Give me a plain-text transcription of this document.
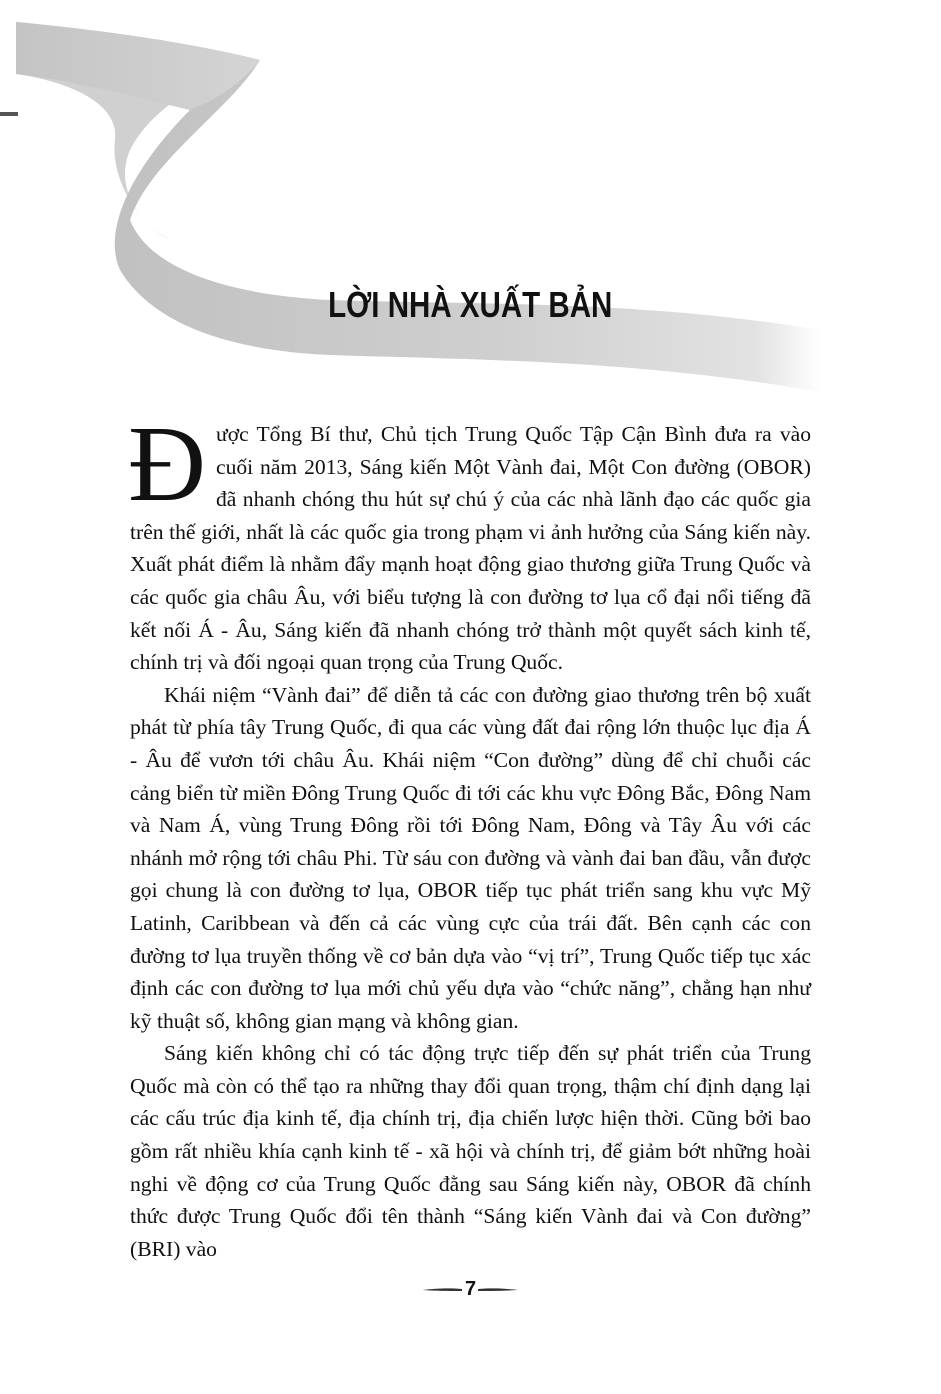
LỜI NHÀ XUẤT BẢN

Được Tổng Bí thư, Chủ tịch Trung Quốc Tập Cận Bình đưa ra vào cuối năm 2013, Sáng kiến Một Vành đai, Một Con đường (OBOR) đã nhanh chóng thu hút sự chú ý của các nhà lãnh đạo các quốc gia trên thế giới, nhất là các quốc gia trong phạm vi ảnh hưởng của Sáng kiến này. Xuất phát điểm là nhằm đẩy mạnh hoạt động giao thương giữa Trung Quốc và các quốc gia châu Âu, với biểu tượng là con đường tơ lụa cổ đại nổi tiếng đã kết nối Á - Âu, Sáng kiến đã nhanh chóng trở thành một quyết sách kinh tế, chính trị và đối ngoại quan trọng của Trung Quốc.

Khái niệm “Vành đai” để diễn tả các con đường giao thương trên bộ xuất phát từ phía tây Trung Quốc, đi qua các vùng đất đai rộng lớn thuộc lục địa Á - Âu để vươn tới châu Âu. Khái niệm “Con đường” dùng để chỉ chuỗi các cảng biển từ miền Đông Trung Quốc đi tới các khu vực Đông Bắc, Đông Nam và Nam Á, vùng Trung Đông rồi tới Đông Nam, Đông và Tây Âu với các nhánh mở rộng tới châu Phi. Từ sáu con đường và vành đai ban đầu, vẫn được gọi chung là con đường tơ lụa, OBOR tiếp tục phát triển sang khu vực Mỹ Latinh, Caribbean và đến cả các vùng cực của trái đất. Bên cạnh các con đường tơ lụa truyền thống về cơ bản dựa vào “vị trí”, Trung Quốc tiếp tục xác định các con đường tơ lụa mới chủ yếu dựa vào “chức năng”, chẳng hạn như kỹ thuật số, không gian mạng và không gian.

Sáng kiến không chỉ có tác động trực tiếp đến sự phát triển của Trung Quốc mà còn có thể tạo ra những thay đổi quan trọng, thậm chí định dạng lại các cấu trúc địa kinh tế, địa chính trị, địa chiến lược hiện thời. Cũng bởi bao gồm rất nhiều khía cạnh kinh tế - xã hội và chính trị, để giảm bớt những hoài nghi về động cơ của Trung Quốc đằng sau Sáng kiến này, OBOR đã chính thức được Trung Quốc đổi tên thành “Sáng kiến Vành đai và Con đường” (BRI) vào

7
